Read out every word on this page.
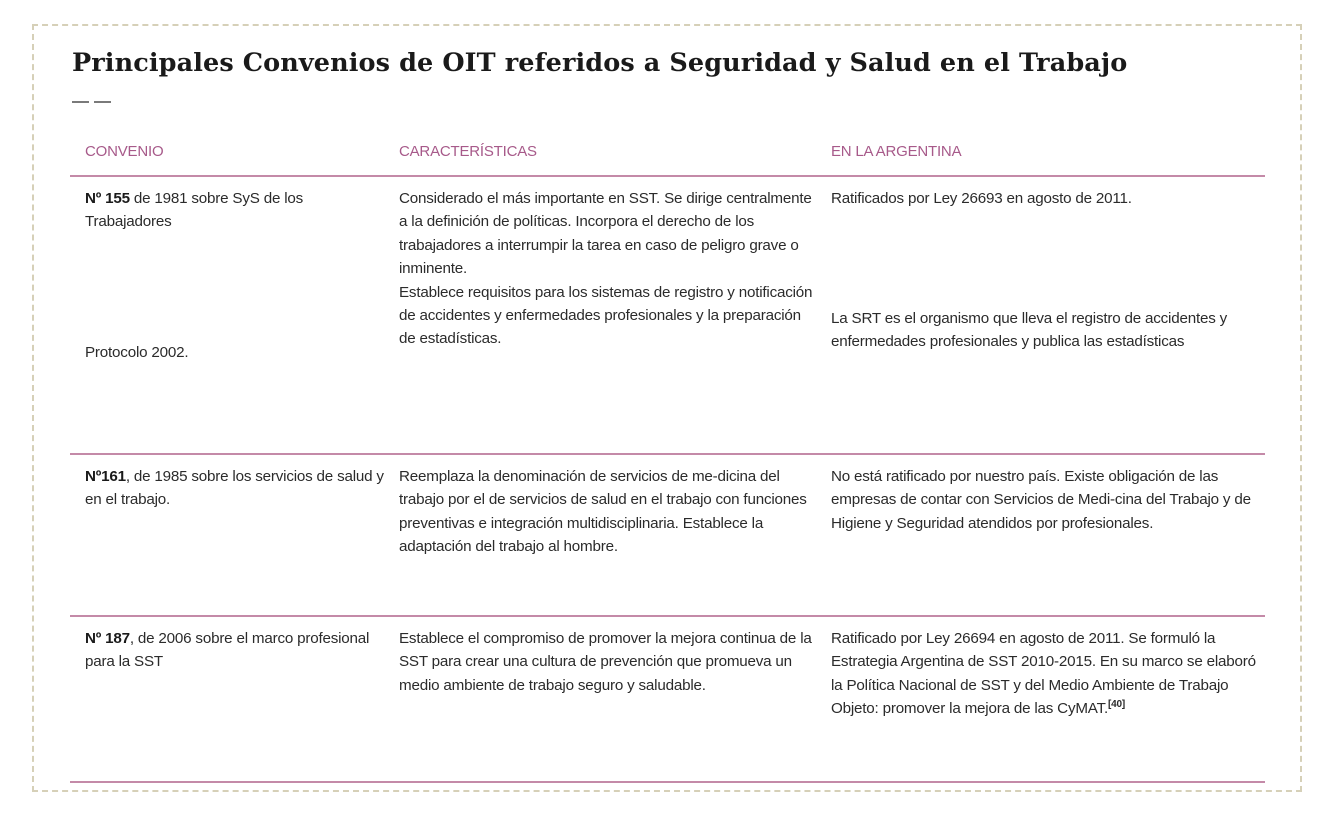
Principales Convenios de OIT referidos a Seguridad y Salud en el Trabajo
CONVENIO	CARACTERÍSTICAS	EN LA ARGENTINA
Nº 155 de 1981 sobre SyS de los Trabajadores
Protocolo 2002.
Considerado el más importante en SST. Se dirige centralmente a la definición de políticas. Incorpora el derecho de los trabajadores a interrumpir la tarea en caso de peligro grave o inminente.
Establece requisitos para los sistemas de registro y notificación de accidentes y enfermedades profesionales y la preparación de estadísticas.
Ratificados por Ley 26693 en agosto de 2011.
La SRT es el organismo que lleva el registro de accidentes y enfermedades profesionales y publica las estadísticas
Nº161, de 1985 sobre los servicios de salud y en el trabajo.
Reemplaza la denominación de servicios de me-dicina del trabajo por el de servicios de salud en el trabajo con funciones preventivas e integración multidisciplinaria. Establece la adaptación del trabajo al hombre.
No está ratificado por nuestro país. Existe obligación de las empresas de contar con Servicios de Medi-cina del Trabajo y de Higiene y Seguridad atendidos por profesionales.
Nº 187, de 2006 sobre el marco profesional para la SST
Establece el compromiso de promover la mejora continua de la SST para crear una cultura de prevención que promueva un medio ambiente de trabajo seguro y saludable.
Ratificado por Ley 26694 en agosto de 2011. Se formuló la Estrategia Argentina de SST 2010-2015. En su marco se elaboró la Política Nacional de SST y del Medio Ambiente de Trabajo Objeto: promover la mejora de las CyMAT.[40]
